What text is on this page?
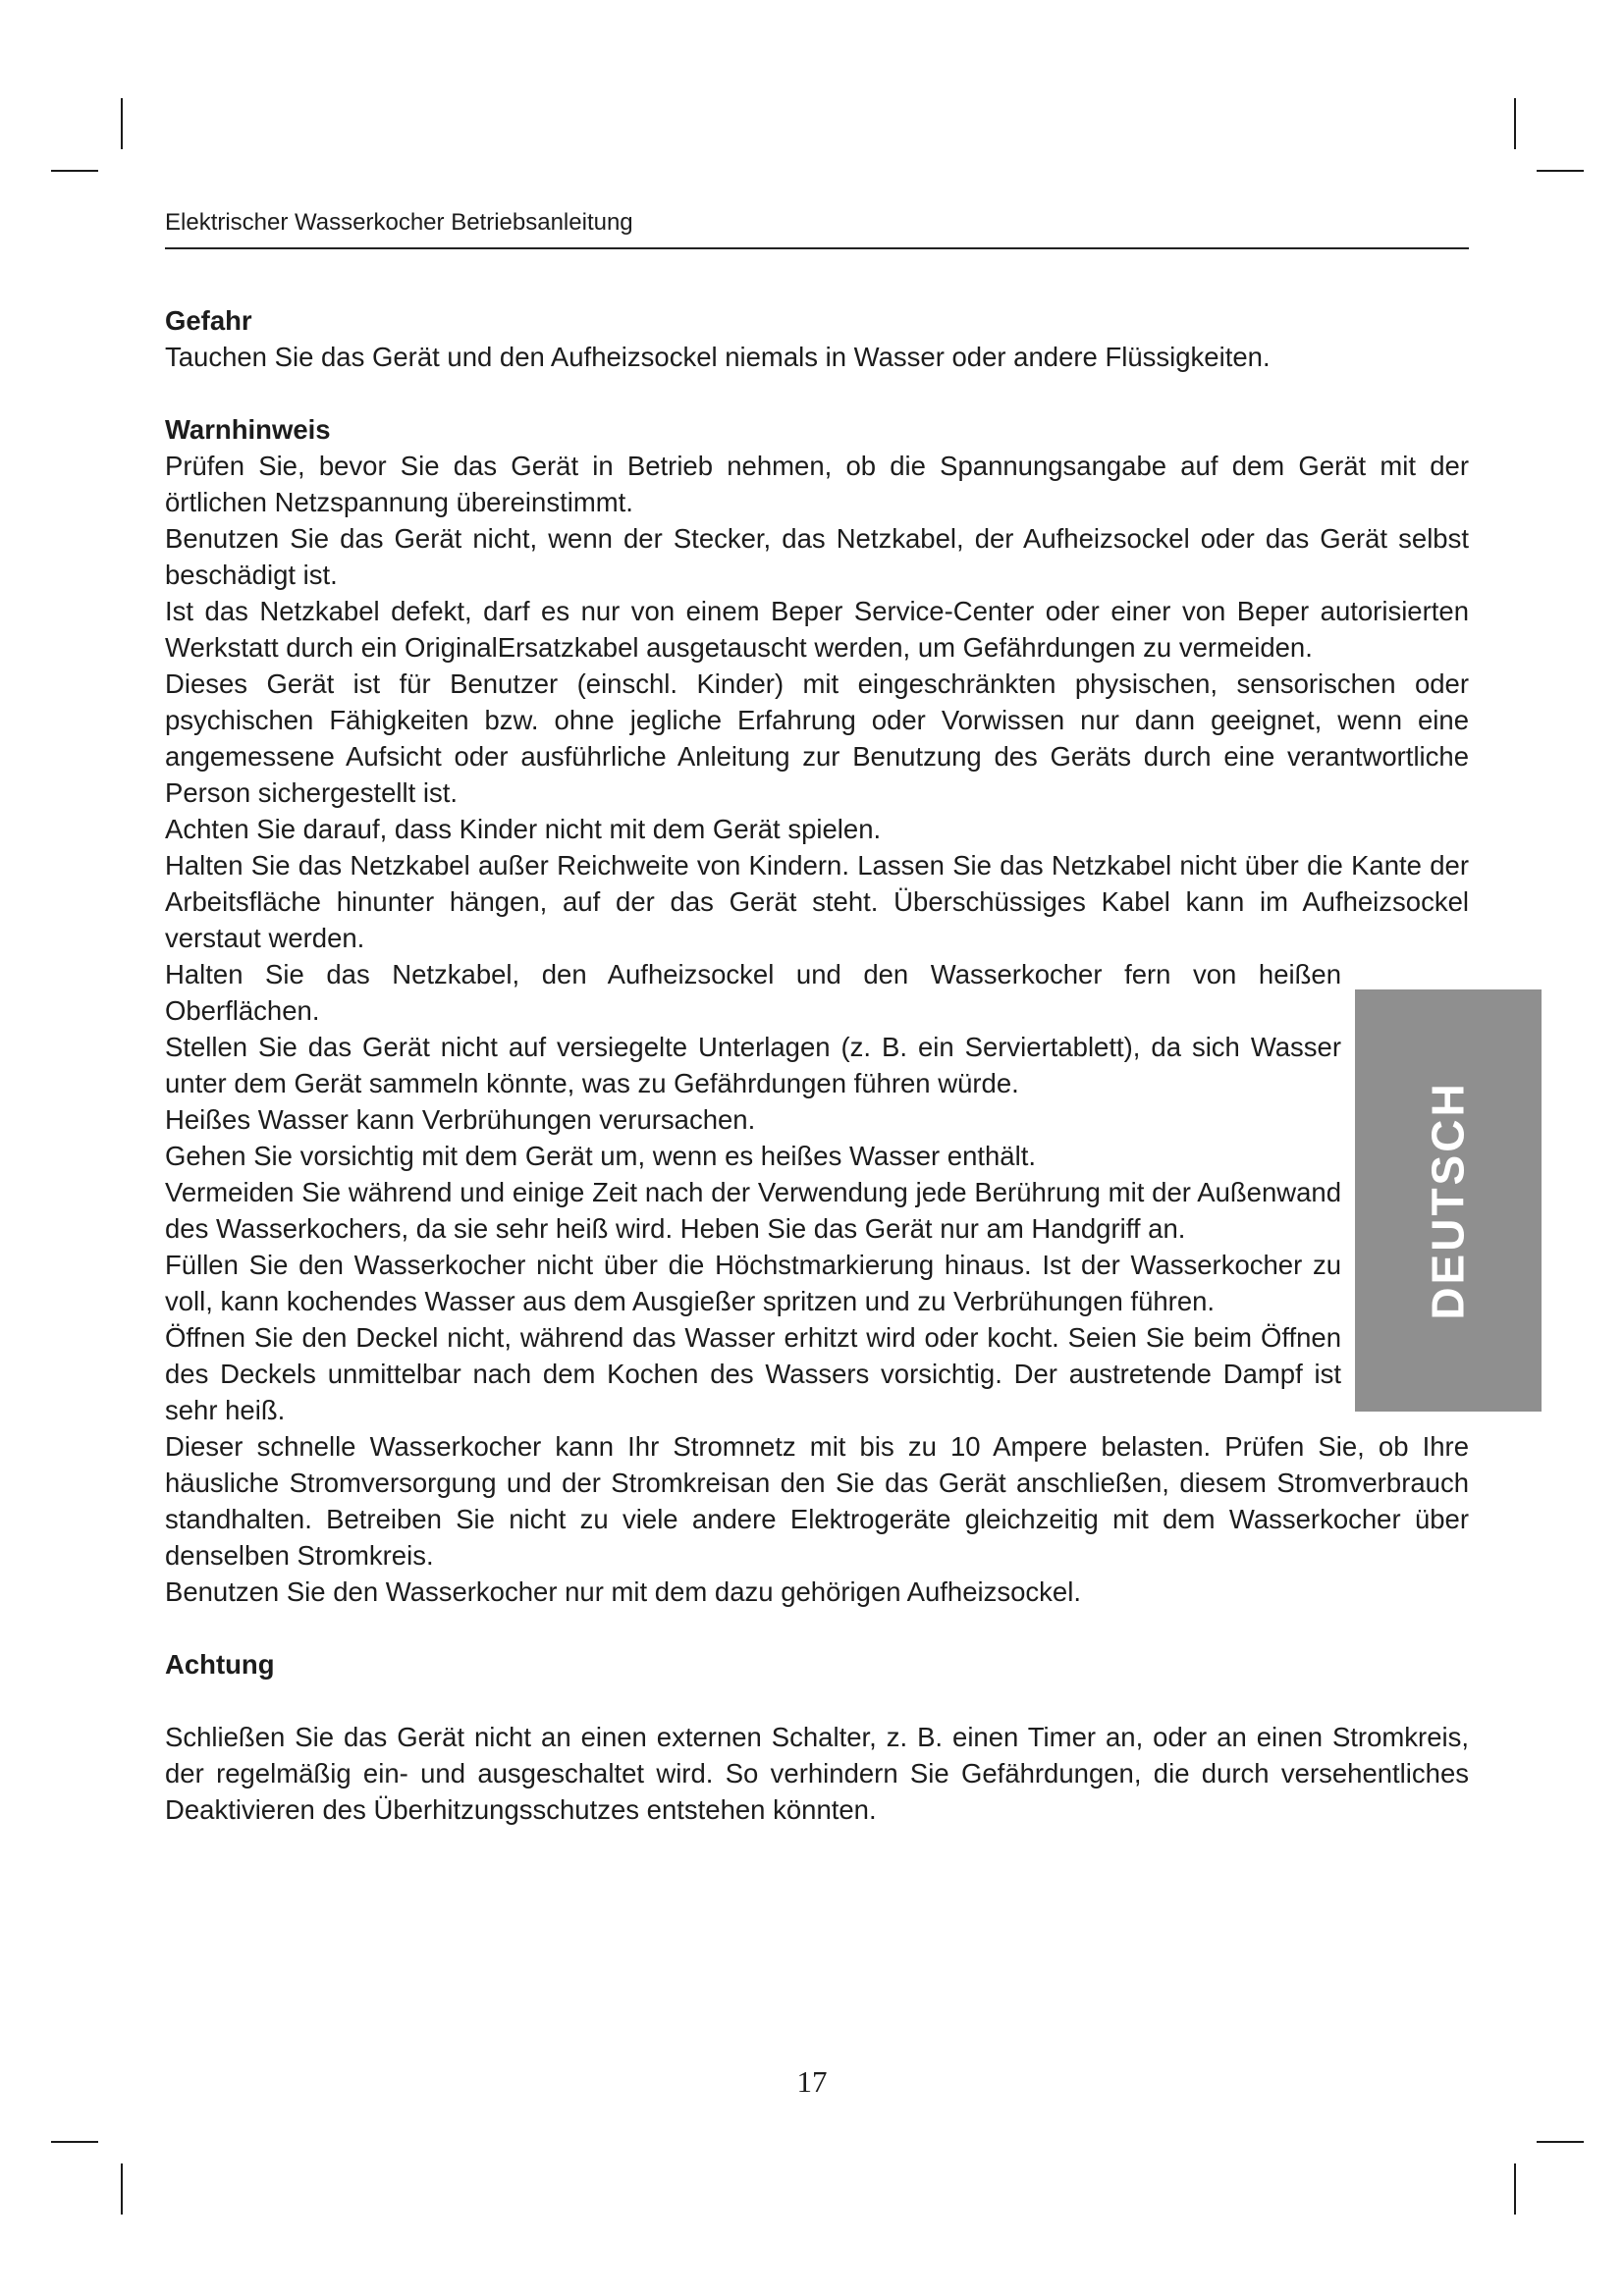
Elektrischer Wasserkocher Betriebsanleitung
DEUTSCH
Gefahr
Tauchen Sie das Gerät und den Aufheizsockel niemals in Wasser oder andere Flüssigkeiten.
Warnhinweis
Prüfen Sie, bevor Sie das Gerät in Betrieb nehmen, ob die Spannungsangabe auf dem Gerät mit der örtlichen Netzspannung übereinstimmt.
Benutzen Sie das Gerät nicht, wenn der Stecker, das Netzkabel, der Aufheizsockel oder das Gerät selbst beschädigt ist.
Ist das Netzkabel defekt, darf es nur von einem Beper Service-Center oder einer von Beper autorisierten Werkstatt durch ein OriginalErsatzkabel ausgetauscht werden, um Gefährdungen zu vermeiden.
Dieses Gerät ist für Benutzer (einschl. Kinder) mit eingeschränkten physischen, sensorischen oder psychischen Fähigkeiten bzw. ohne jegliche Erfahrung oder Vorwissen nur dann geeignet, wenn eine angemessene Aufsicht oder ausführliche Anleitung zur Benutzung des Geräts durch eine verantwortliche Person sichergestellt ist.
Achten Sie darauf, dass Kinder nicht mit dem Gerät spielen.
Halten Sie das Netzkabel außer Reichweite von Kindern. Lassen Sie das Netzkabel nicht über die Kante der Arbeitsfläche hinunter hängen, auf der das Gerät steht. Überschüssiges Kabel kann im Aufheizsockel verstaut werden.
Halten Sie das Netzkabel, den Aufheizsockel und den Wasserkocher fern von heißen Oberflächen.
Stellen Sie das Gerät nicht auf versiegelte Unterlagen (z. B. ein Serviertablett), da sich Wasser unter dem Gerät sammeln könnte, was zu Gefährdungen führen würde.
Heißes Wasser kann Verbrühungen verursachen.
Gehen Sie vorsichtig mit dem Gerät um, wenn es heißes Wasser enthält.
Vermeiden Sie während und einige Zeit nach der Verwendung jede Berührung mit der Außenwand des Wasserkochers, da sie sehr heiß wird. Heben Sie das Gerät nur am Handgriff an.
Füllen Sie den Wasserkocher nicht über die Höchstmarkierung hinaus. Ist der Wasserkocher zu voll, kann kochendes Wasser aus dem Ausgießer spritzen und zu Verbrühungen führen.
Öffnen Sie den Deckel nicht, während das Wasser erhitzt wird oder kocht. Seien Sie beim Öffnen des Deckels unmittelbar nach dem Kochen des Wassers vorsichtig. Der austretende Dampf ist sehr heiß.
Dieser schnelle Wasserkocher kann Ihr Stromnetz mit bis zu 10 Ampere belasten. Prüfen Sie, ob Ihre häusliche Stromversorgung und der Stromkreisan den Sie das Gerät anschließen, diesem Stromverbrauch standhalten. Betreiben Sie nicht zu viele andere Elektrogeräte gleichzeitig mit dem Wasserkocher über denselben Stromkreis.
Benutzen Sie den Wasserkocher nur mit dem dazu gehörigen Aufheizsockel.
Achtung
Schließen Sie das Gerät nicht an einen externen Schalter, z. B. einen Timer an, oder an einen Stromkreis, der regelmäßig ein- und ausgeschaltet wird. So verhindern Sie Gefährdungen, die durch versehentliches Deaktivieren des Überhitzungsschutzes entstehen könnten.
17
